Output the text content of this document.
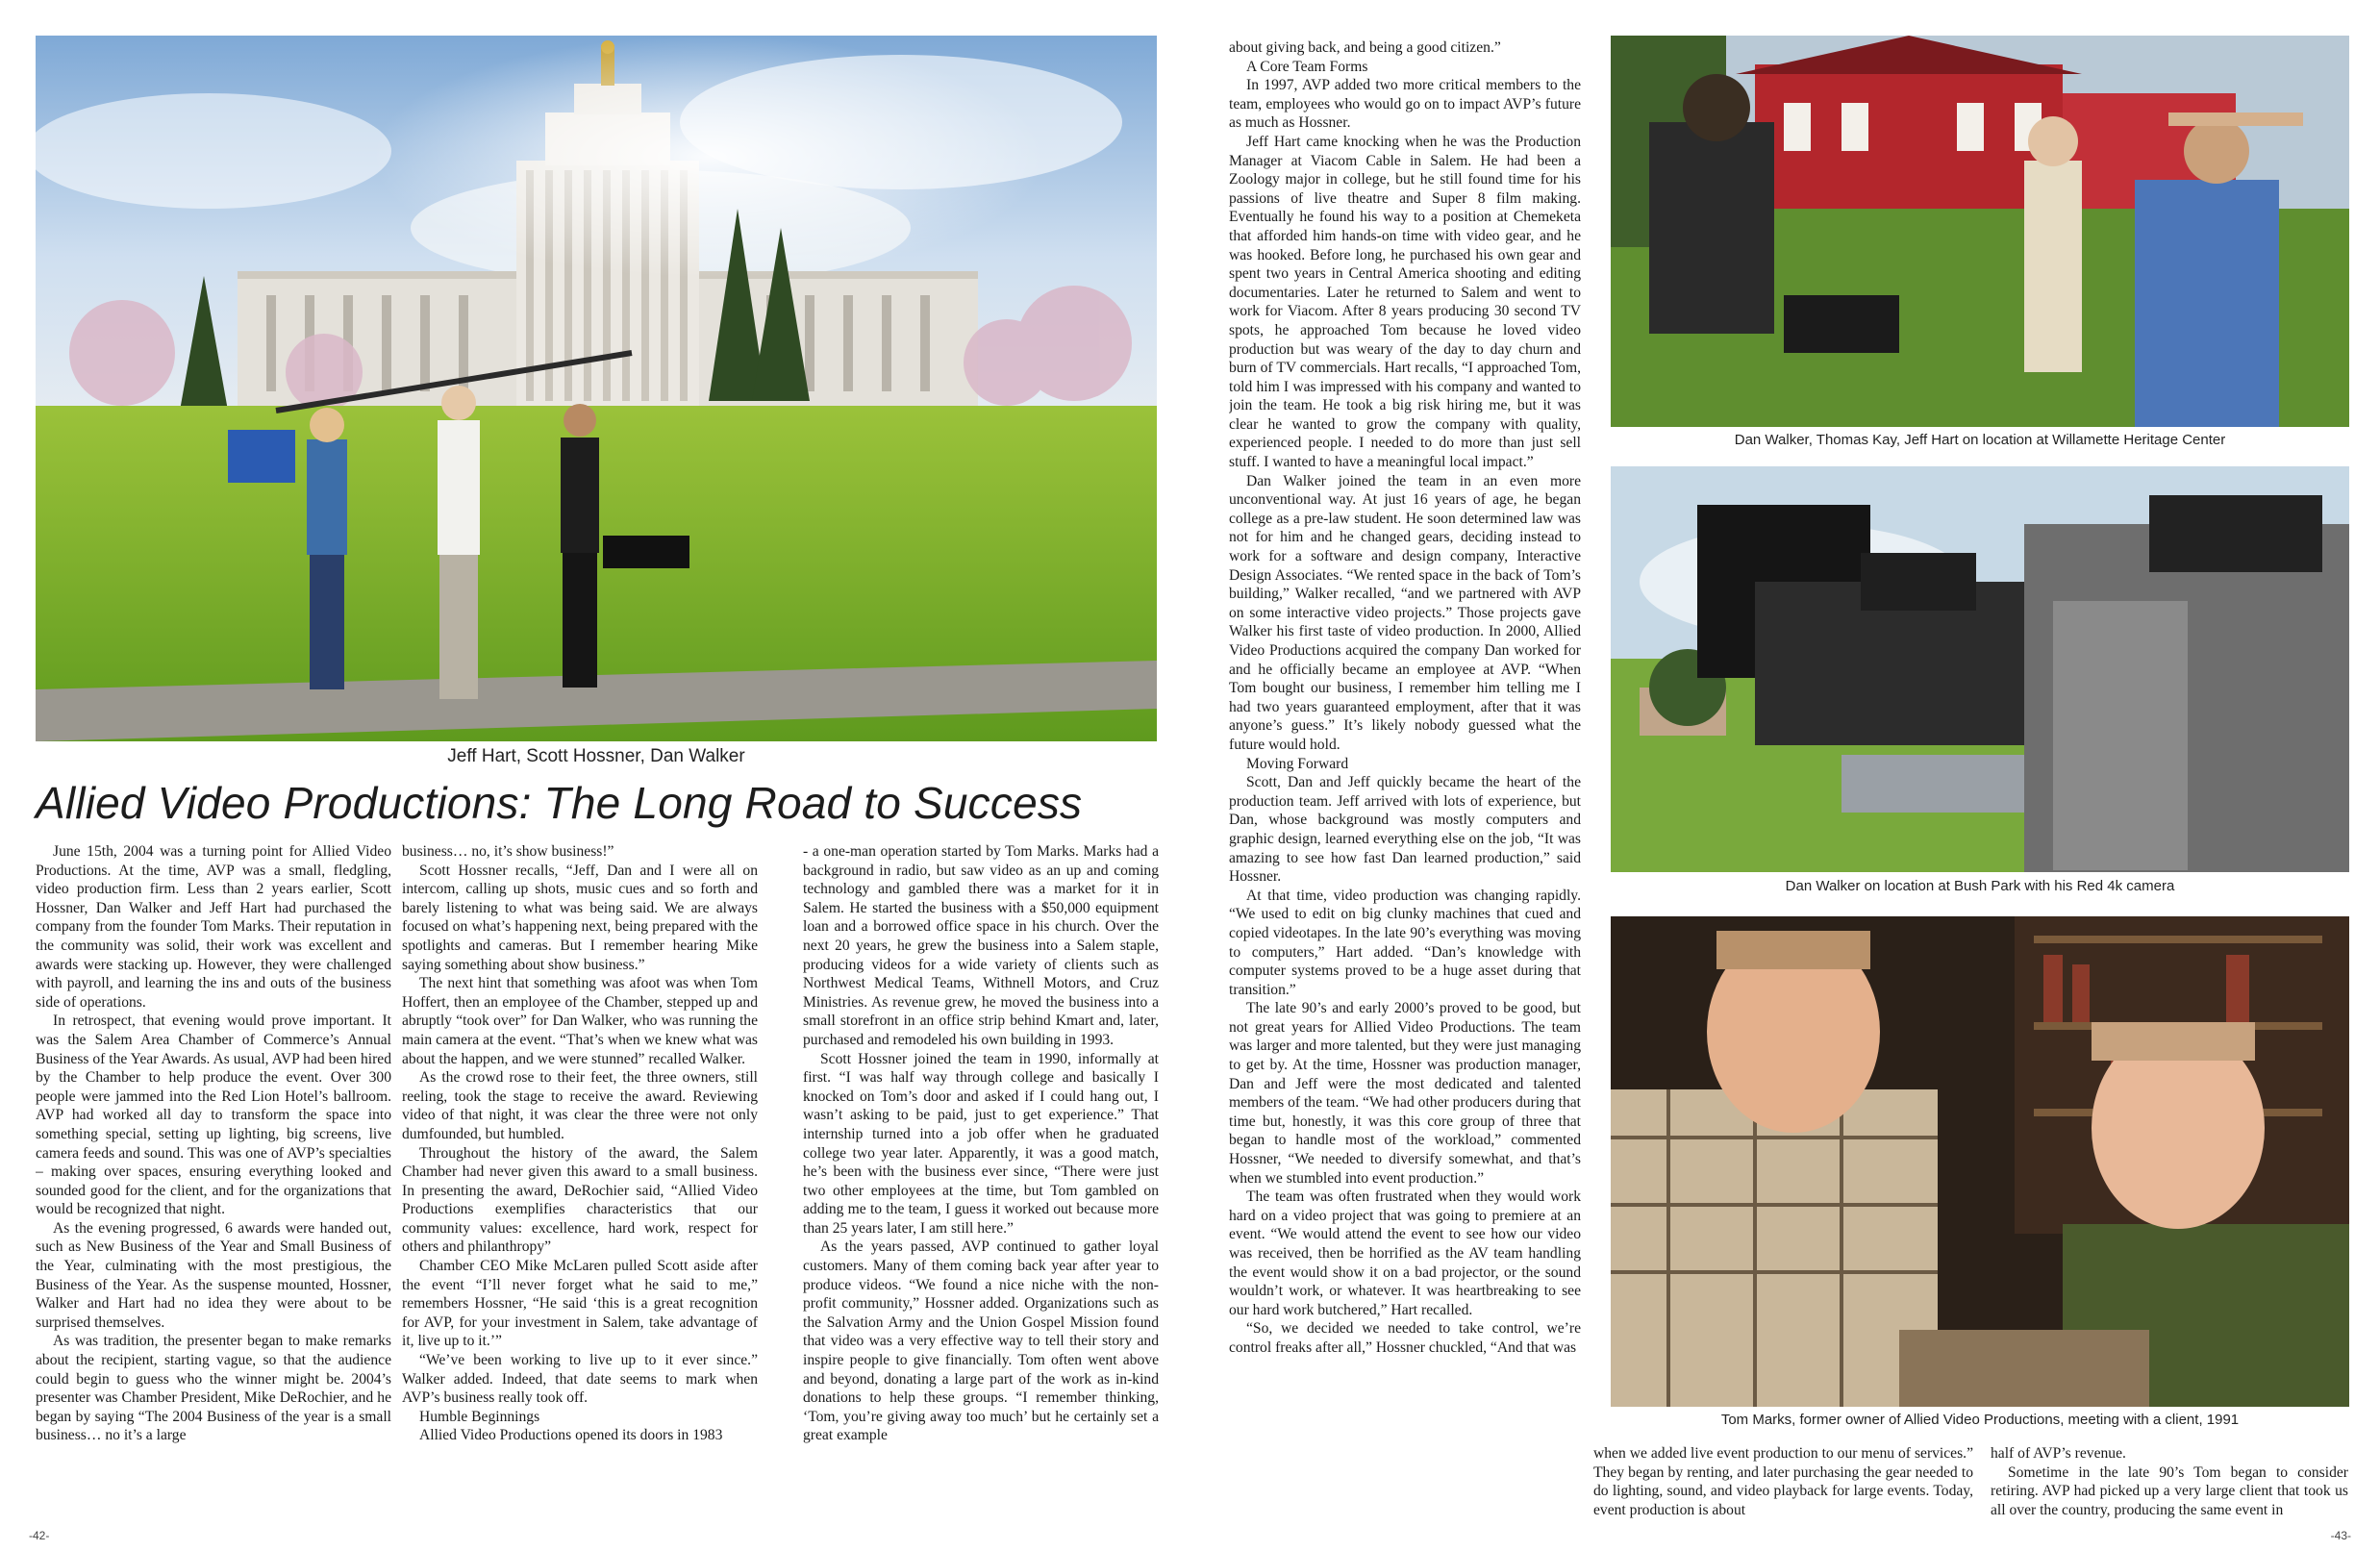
Jeff Hart, Scott Hossner, Dan Walker
Allied Video Productions: The Long Road to Success

June 15th, 2004 was a turning point for Allied Video Productions. At the time, AVP was a small, fledgling, video production firm. Less than 2 years earlier, Scott Hossner, Dan Walker and Jeff Hart had purchased the company from the founder Tom Marks. Their reputation in the community was solid, their work was excellent and awards were stacking up. However, they were challenged with payroll, and learning the ins and outs of the business side of operations.

In retrospect, that evening would prove important. It was the Salem Area Chamber of Commerce’s Annual Business of the Year Awards. As usual, AVP had been hired by the Chamber to help produce the event. Over 300 people were jammed into the Red Lion Hotel’s ballroom. AVP had worked all day to transform the space into something special, setting up lighting, big screens, live camera feeds and sound. This was one of AVP’s specialties – making over spaces, ensuring everything looked and sounded good for the client, and for the organizations that would be recognized that night.

As the evening progressed, 6 awards were handed out, such as New Business of the Year and Small Business of the Year, culminating with the most prestigious, the Business of the Year. As the suspense mounted, Hossner, Walker and Hart had no idea they were about to be surprised themselves.

As was tradition, the presenter began to make remarks about the recipient, starting vague, so that the audience could begin to guess who the winner might be. 2004’s presenter was Chamber President, Mike DeRochier, and he began by saying “The 2004 Business of the year is a small business… no it’s a large

business… no, it’s show business!”

Scott Hossner recalls, “Jeff, Dan and I were all on intercom, calling up shots, music cues and so forth and barely listening to what was being said. We are always focused on what’s happening next, being prepared with the spotlights and cameras. But I remember hearing Mike saying something about show business.”

The next hint that something was afoot was when Tom Hoffert, then an employee of the Chamber, stepped up and abruptly “took over” for Dan Walker, who was running the main camera at the event. “That’s when we knew what was about the happen, and we were stunned” recalled Walker.

As the crowd rose to their feet, the three owners, still reeling, took the stage to receive the award. Reviewing video of that night, it was clear the three were not only dumfounded, but humbled.

Throughout the history of the award, the Salem Chamber had never given this award to a small business. In presenting the award, DeRochier said, “Allied Video Productions exemplifies characteristics that our community values: excellence, hard work, respect for others and philanthropy”

Chamber CEO Mike McLaren pulled Scott aside after the event “I’ll never forget what he said to me,” remembers Hossner, “He said ‘this is a great recognition for AVP, for your investment in Salem, take advantage of it, live up to it.’”

“We’ve been working to live up to it ever since.” Walker added. Indeed, that date seems to mark when AVP’s business really took off.

Humble Beginnings

Allied Video Productions opened its doors in 1983

- a one-man operation started by Tom Marks. Marks had a background in radio, but saw video as an up and coming technology and gambled there was a market for it in Salem. He started the business with a $50,000 equipment loan and a borrowed office space in his church. Over the next 20 years, he grew the business into a Salem staple, producing videos for a wide variety of clients such as Northwest Medical Teams, Withnell Motors, and Cruz Ministries. As revenue grew, he moved the business into a small storefront in an office strip behind Kmart and, later, purchased and remodeled his own building in 1993.

Scott Hossner joined the team in 1990, informally at first. “I was half way through college and basically I knocked on Tom’s door and asked if I could hang out, I wasn’t asking to be paid, just to get experience.” That internship turned into a job offer when he graduated college two year later. Apparently, it was a good match, he’s been with the business ever since, “There were just two other employees at the time, but Tom gambled on adding me to the team, I guess it worked out because more than 25 years later, I am still here.”

As the years passed, AVP continued to gather loyal customers. Many of them coming back year after year to produce videos. “We found a nice niche with the non-profit community,” Hossner added. Organizations such as the Salvation Army and the Union Gospel Mission found that video was a very effective way to tell their story and inspire people to give financially. Tom often went above and beyond, donating a large part of the work as in-kind donations to help these groups. “I remember thinking, ‘Tom, you’re giving away too much’ but he certainly set a great example

about giving back, and being a good citizen.”

A Core Team Forms

In 1997, AVP added two more critical members to the team, employees who would go on to impact AVP’s future as much as Hossner.

Jeff Hart came knocking when he was the Production Manager at Viacom Cable in Salem. He had been a Zoology major in college, but he still found time for his passions of live theatre and Super 8 film making. Eventually he found his way to a position at Chemeketa that afforded him hands-on time with video gear, and he was hooked. Before long, he purchased his own gear and spent two years in Central America shooting and editing documentaries. Later he returned to Salem and went to work for Viacom. After 8 years producing 30 second TV spots, he approached Tom because he loved video production but was weary of the day to day churn and burn of TV commercials. Hart recalls, “I approached Tom, told him I was impressed with his company and wanted to join the team. He took a big risk hiring me, but it was clear he wanted to grow the company with quality, experienced people. I needed to do more than just sell stuff. I wanted to have a meaningful local impact.”

Dan Walker joined the team in an even more unconventional way. At just 16 years of age, he began college as a pre-law student. He soon determined law was not for him and he changed gears, deciding instead to work for a software and design company, Interactive Design Associates. “We rented space in the back of Tom’s building,” Walker recalled, “and we partnered with AVP on some interactive video projects.” Those projects gave Walker his first taste of video production. In 2000, Allied Video Productions acquired the company Dan worked for and he officially became an employee at AVP. “When Tom bought our business, I remember him telling me I had two years guaranteed employment, after that it was anyone’s guess.” It’s likely nobody guessed what the future would hold.

Moving Forward

Scott, Dan and Jeff quickly became the heart of the production team. Jeff arrived with lots of experience, but Dan, whose background was mostly computers and graphic design, learned everything else on the job, “It was amazing to see how fast Dan learned production,” said Hossner.

At that time, video production was changing rapidly. “We used to edit on big clunky machines that cued and copied videotapes. In the late 90’s everything was moving to computers,” Hart added. “Dan’s knowledge with computer systems proved to be a huge asset during that transition.”

The late 90’s and early 2000’s proved to be good, but not great years for Allied Video Productions. The team was larger and more talented, but they were just managing to get by. At the time, Hossner was production manager, Dan and Jeff were the most dedicated and talented members of the team. “We had other producers during that time but, honestly, it was this core group of three that began to handle most of the workload,” commented Hossner, “We needed to diversify somewhat, and that’s when we stumbled into event production.”

The team was often frustrated when they would work hard on a video project that was going to premiere at an event. “We would attend the event to see how our video was received, then be horrified as the AV team handling the event would show it on a bad projector, or the sound wouldn’t work, or whatever. It was heartbreaking to see our hard work butchered,” Hart recalled.

“So, we decided we needed to take control, we’re control freaks after all,” Hossner chuckled, “And that was

Dan Walker, Thomas Kay, Jeff Hart on location at Willamette Heritage Center
Dan Walker on location at Bush Park with his Red 4k camera
Tom Marks, former owner of Allied Video Productions, meeting with a client, 1991

when we added live event production to our menu of services.” They began by renting, and later purchasing the gear needed to do lighting, sound, and video playback for large events. Today, event production is about

half of AVP’s revenue.

Sometime in the late 90’s Tom began to consider retiring. AVP had picked up a very large client that took us all over the country, producing the same event in

-42-	-43-
